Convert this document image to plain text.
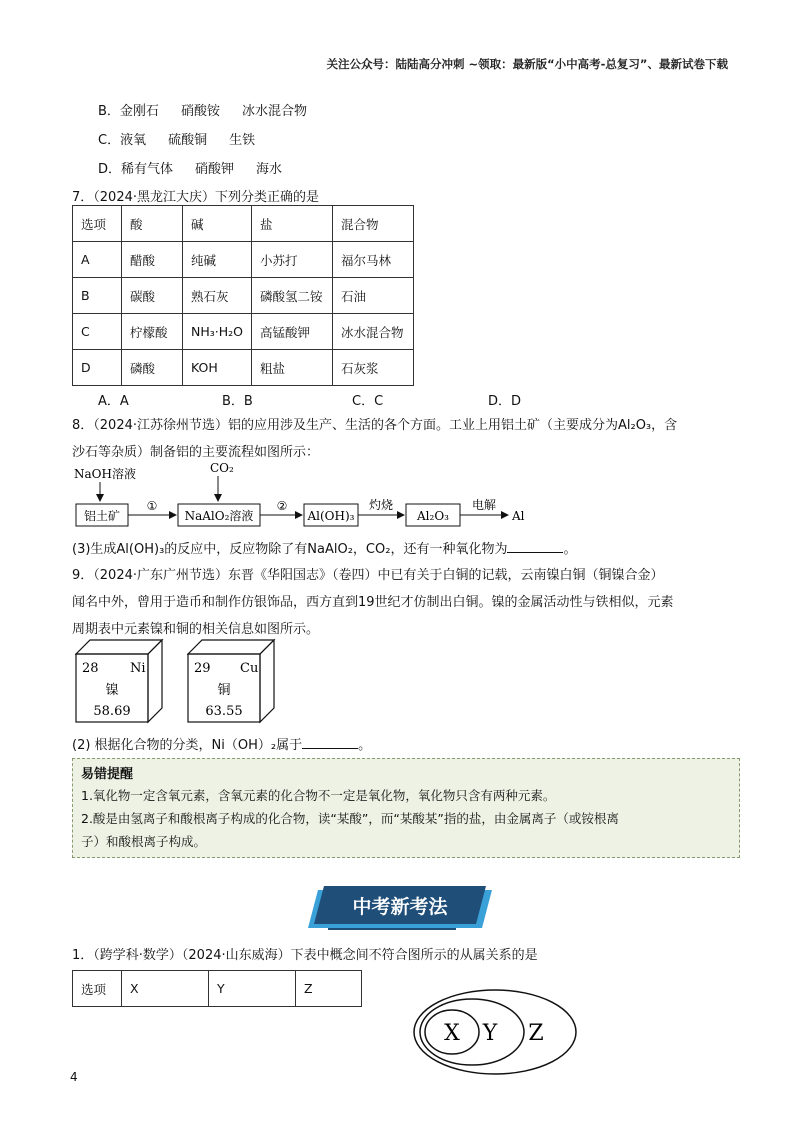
关注公众号：陆陆高分冲刺 ~领取：最新版“小中高考-总复习”、最新试卷下载
B．金刚石 硝酸铵 冰水混合物
C．液氧 硫酸铜 生铁
D．稀有气体 硝酸钾 海水
7．（2024·黑龙江大庆）下列分类正确的是
选项	酸	碱	盐	混合物
A	醋酸	纯碱	小苏打	福尔马林
B	碳酸	熟石灰	磷酸氢二铵	石油
C	柠檬酸	NH₃·H₂O	高锰酸钾	冰水混合物
D	磷酸	KOH	粗盐	石灰浆
A．A	B．B	C．C	D．D
8．（2024·江苏徐州节选）铝的应用涉及生产、生活的各个方面。工业上用铝土矿（主要成分为Al₂O₃，含
沙石等杂质）制备铝的主要流程如图所示：
NaOH溶液	CO₂
铝土矿
①
NaAlO₂溶液
②
Al(OH)₃
灼烧
Al₂O₃
电解
Al
(3)生成Al(OH)₃的反应中，反应物除了有NaAlO₂，CO₂，还有一种氧化物为	。
9．（2024·广东广州节选）东晋《华阳国志》（卷四）中已有关于白铜的记载，云南镍白铜（铜镍合金）
闻名中外，曾用于造币和制作仿银饰品，西方直到19世纪才仿制出白铜。镍的金属活动性与铁相似，元素
周期表中元素镍和铜的相关信息如图所示。
28 Ni
镍
58.69
29 Cu
铜
63.55
(2) 根据化合物的分类，Ni（OH）₂属于	。
易错提醒

1.氧化物一定含氧元素，含氧元素的化合物不一定是氧化物，氧化物只含有两种元素。

2.酸是由氢离子和酸根离子构成的化合物，读“某酸”，而“某酸某”指的盐，由金属离子（或铵根离
子）和酸根离子构成。

中考新考法
1．（跨学科·数学）（2024·山东威海）下表中概念间不符合图所示的从属关系的是
选项	X	Y	Z
X Y Z
4
